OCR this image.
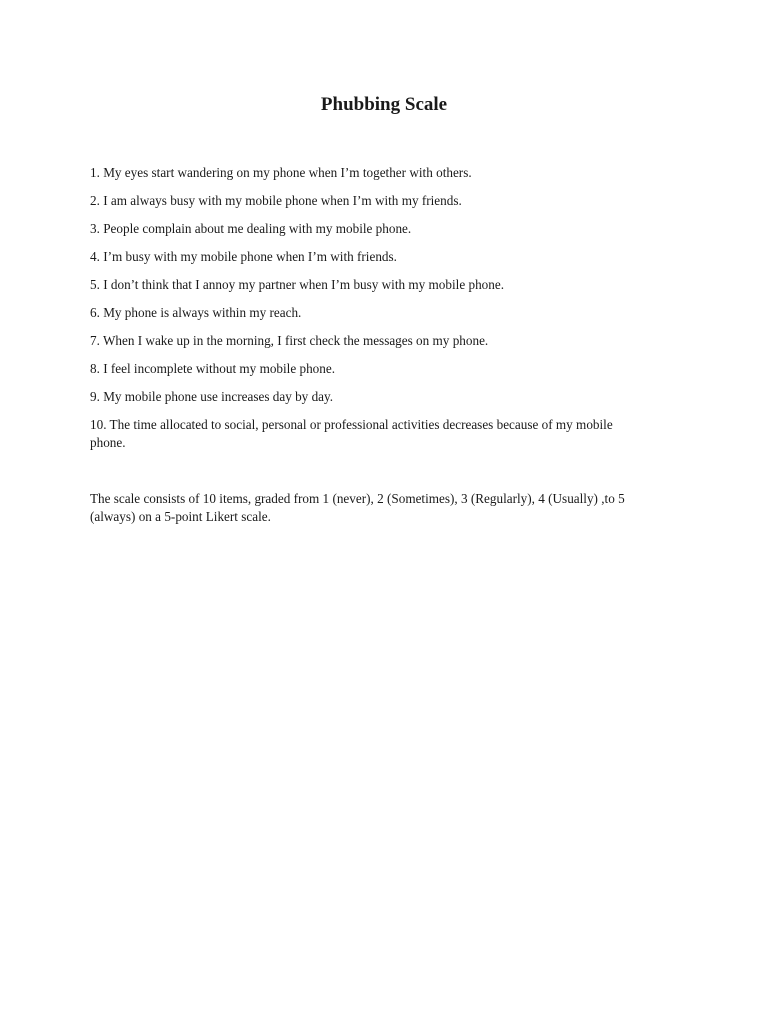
Phubbing Scale
1. My eyes start wandering on my phone when I’m together with others.
2. I am always busy with my mobile phone when I’m with my friends.
3. People complain about me dealing with my mobile phone.
4. I’m busy with my mobile phone when I’m with friends.
5. I don’t think that I annoy my partner when I’m busy with my mobile phone.
6. My phone is always within my reach.
7. When I wake up in the morning, I first check the messages on my phone.
8. I feel incomplete without my mobile phone.
9. My mobile phone use increases day by day.
10. The time allocated to social, personal or professional activities decreases because of my mobile phone.

The scale consists of 10 items, graded from 1 (never), 2 (Sometimes), 3 (Regularly), 4 (Usually) ,to 5 (always) on a 5-point Likert scale.
